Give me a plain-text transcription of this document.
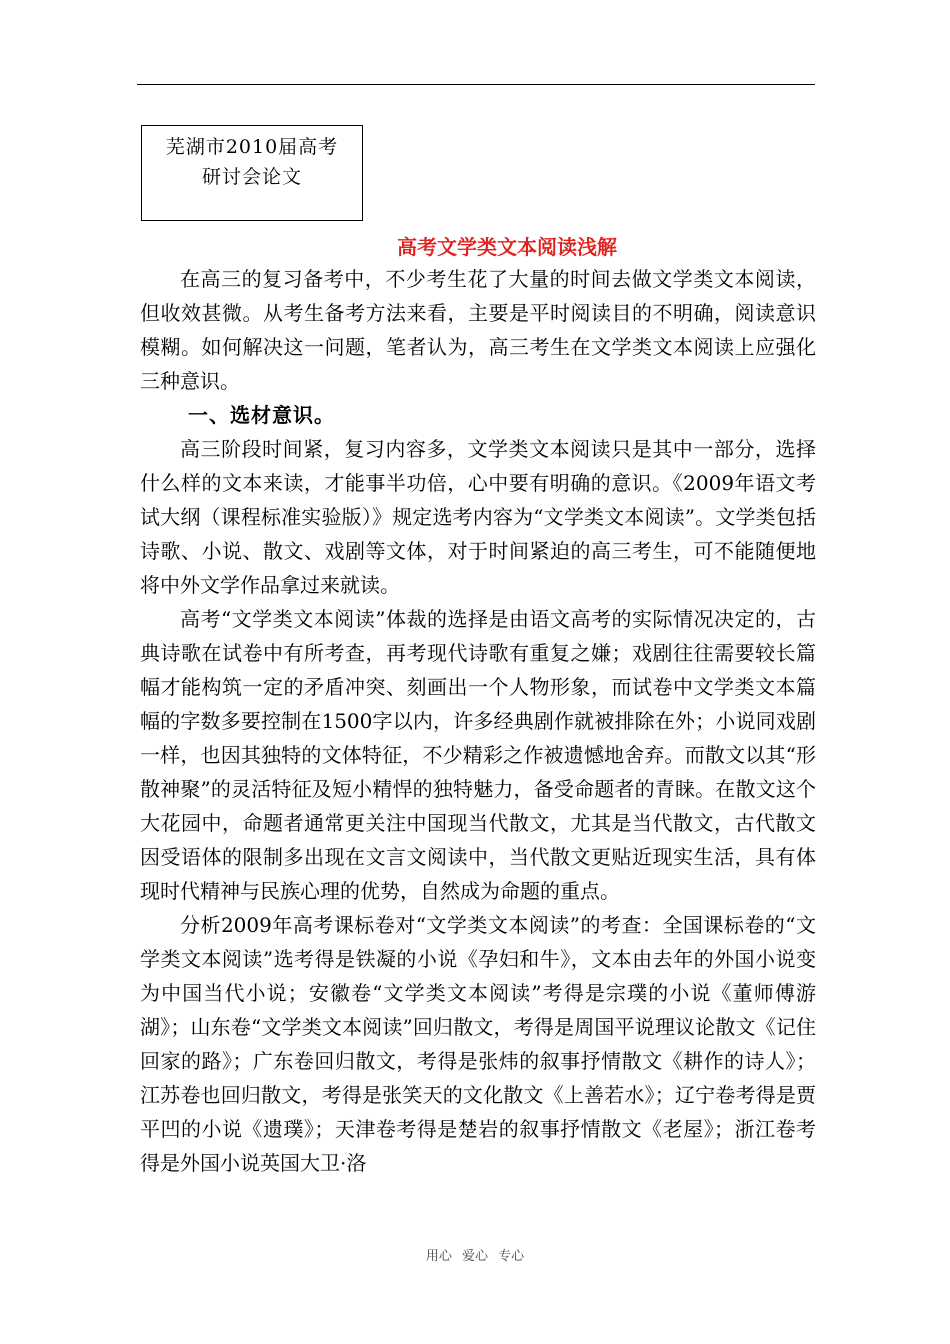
芜湖市2010届高考
研讨会论文
高考文学类文本阅读浅解

在高三的复习备考中，不少考生花了大量的时间去做文学类文本阅读，但收效甚微。从考生备考方法来看，主要是平时阅读目的不明确，阅读意识模糊。如何解决这一问题，笔者认为，高三考生在文学类文本阅读上应强化三种意识。

一、选材意识。

高三阶段时间紧，复习内容多，文学类文本阅读只是其中一部分，选择什么样的文本来读，才能事半功倍，心中要有明确的意识。《2009年语文考试大纲（课程标准实验版）》规定选考内容为“文学类文本阅读”。文学类包括诗歌、小说、散文、戏剧等文体，对于时间紧迫的高三考生，可不能随便地将中外文学作品拿过来就读。

高考“文学类文本阅读”体裁的选择是由语文高考的实际情况决定的，古典诗歌在试卷中有所考查，再考现代诗歌有重复之嫌；戏剧往往需要较长篇幅才能构筑一定的矛盾冲突、刻画出一个人物形象，而试卷中文学类文本篇幅的字数多要控制在1500字以内，许多经典剧作就被排除在外；小说同戏剧一样，也因其独特的文体特征，不少精彩之作被遗憾地舍弃。而散文以其“形散神聚”的灵活特征及短小精悍的独特魅力，备受命题者的青睐。在散文这个大花园中，命题者通常更关注中国现当代散文，尤其是当代散文，古代散文因受语体的限制多出现在文言文阅读中，当代散文更贴近现实生活，具有体现时代精神与民族心理的优势，自然成为命题的重点。

分析2009年高考课标卷对“文学类文本阅读”的考查：全国课标卷的“文学类文本阅读”选考得是铁凝的小说《孕妇和牛》，文本由去年的外国小说变为中国当代小说；安徽卷“文学类文本阅读”考得是宗璞的小说《董师傅游湖》；山东卷“文学类文本阅读”回归散文，考得是周国平说理议论散文《记住回家的路》；广东卷回归散文，考得是张炜的叙事抒情散文《耕作的诗人》；江苏卷也回归散文，考得是张笑天的文化散文《上善若水》；辽宁卷考得是贾平凹的小说《遗璞》；天津卷考得是楚岩的叙事抒情散文《老屋》；浙江卷考得是外国小说英国大卫·洛

用心 爱心 专心
